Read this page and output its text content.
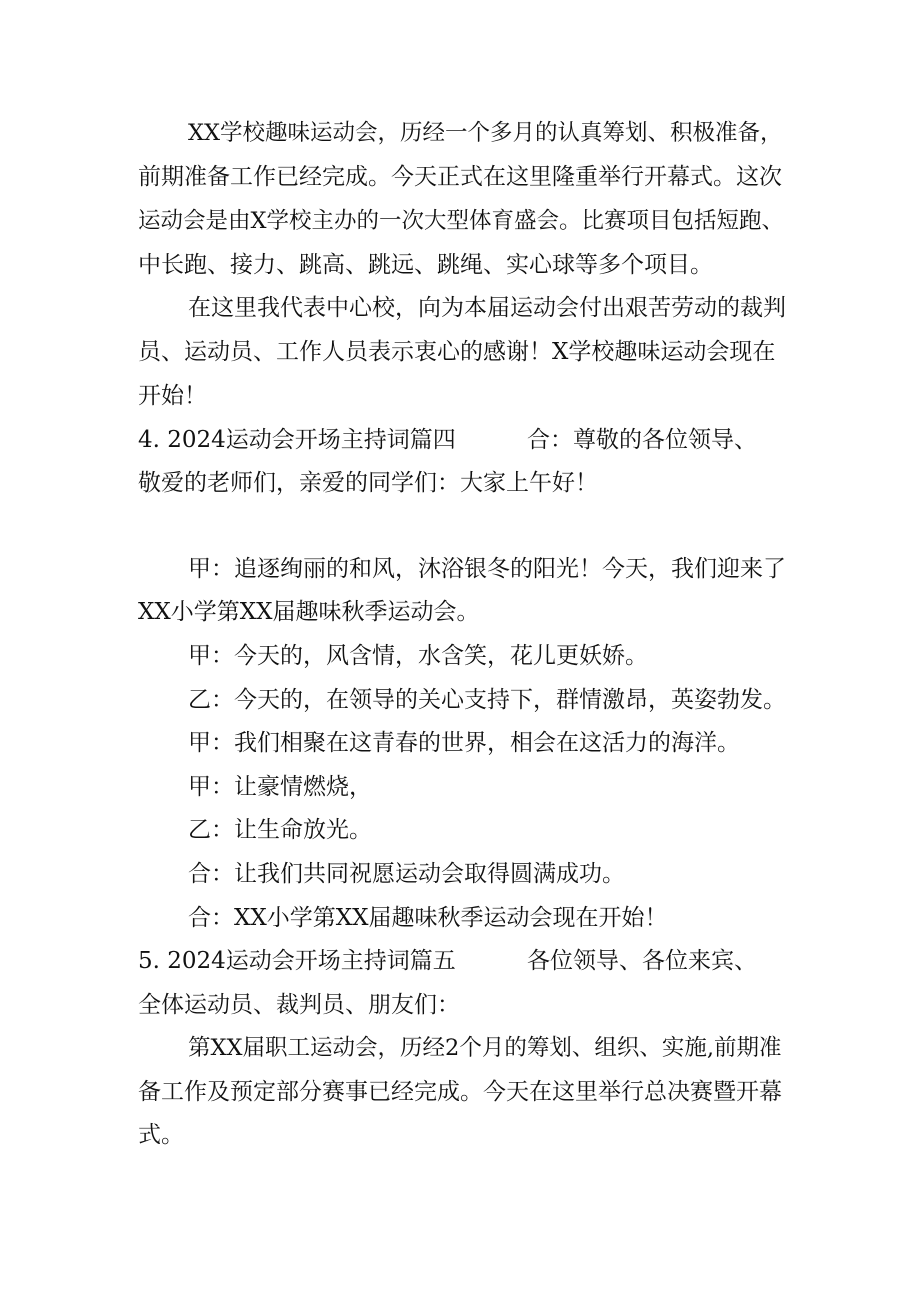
XX学校趣味运动会，历经一个多月的认真筹划、积极准备，
前期准备工作已经完成。今天正式在这里隆重举行开幕式。这次
运动会是由X学校主办的一次大型体育盛会。比赛项目包括短跑、
中长跑、接力、跳高、跳远、跳绳、实心球等多个项目。
在这里我代表中心校，向为本届运动会付出艰苦劳动的裁判
员、运动员、工作人员表示衷心的感谢！X学校趣味运动会现在
开始！
4. 2024运动会开场主持词篇四	合：尊敬的各位领导、
敬爱的老师们，亲爱的同学们：大家上午好！
甲：追逐绚丽的和风，沐浴银冬的阳光！今天，我们迎来了
XX小学第XX届趣味秋季运动会。
甲：今天的，风含情，水含笑，花儿更妖娇。
乙：今天的，在领导的关心支持下，群情激昂，英姿勃发。
甲：我们相聚在这青春的世界，相会在这活力的海洋。
甲：让豪情燃烧，
乙：让生命放光。
合：让我们共同祝愿运动会取得圆满成功。
合：XX小学第XX届趣味秋季运动会现在开始！
5. 2024运动会开场主持词篇五	各位领导、各位来宾、
全体运动员、裁判员、朋友们：
第XX届职工运动会，历经2个月的筹划、组织、实施,前期准
备工作及预定部分赛事已经完成。今天在这里举行总决赛暨开幕
式。
